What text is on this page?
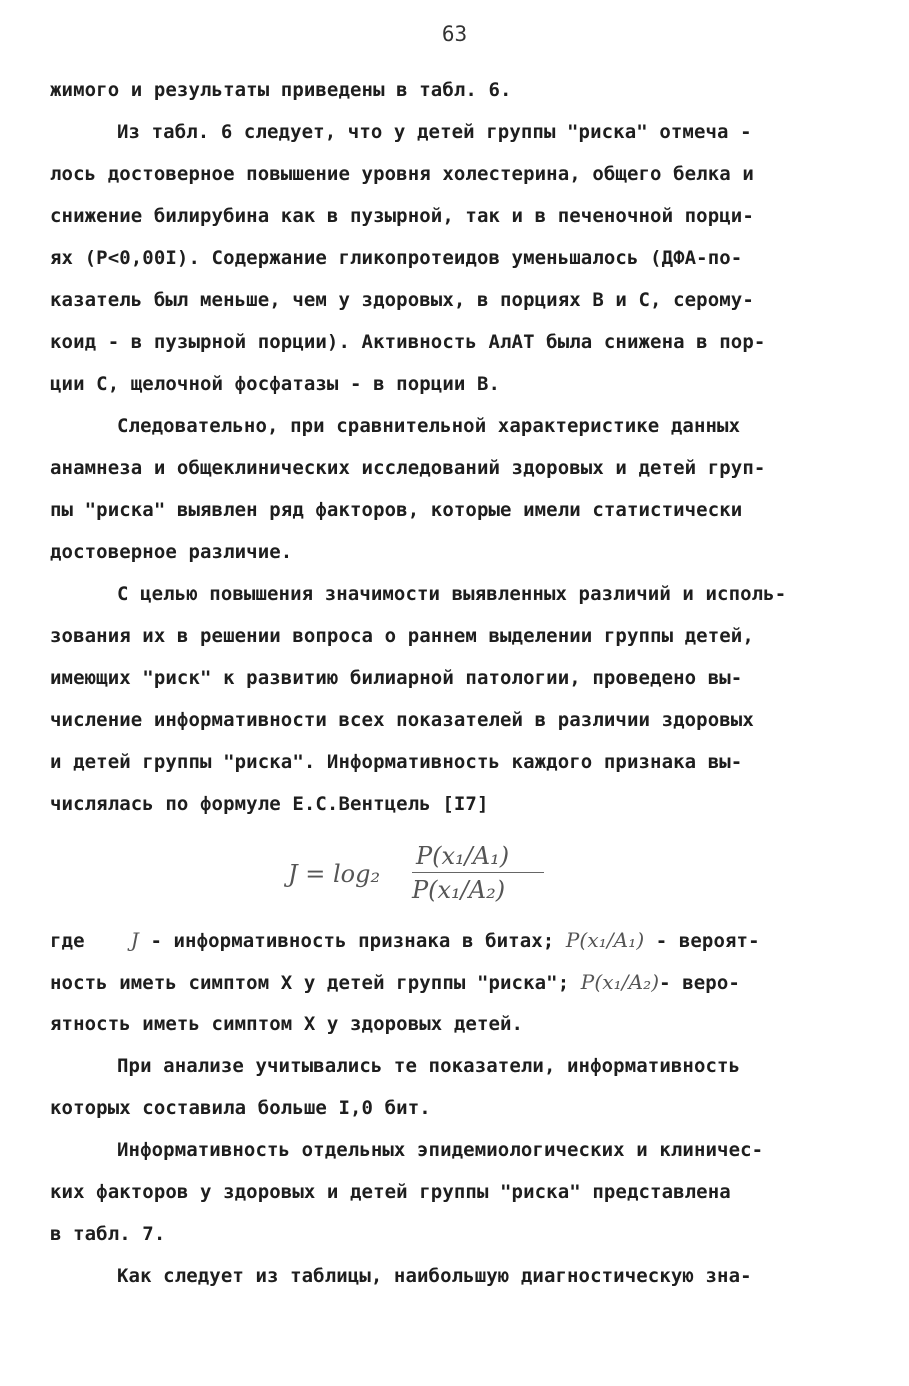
63
жимого и результаты приведены в табл. 6.
Из табл. 6 следует, что у детей группы "риска" отмеча -
лось достоверное повышение уровня холестерина, общего белка и
снижение билирубина как в пузырной, так и в печеночной порци-
ях (P<0,00I). Содержание гликопротеидов уменьшалось (ДФА-по-
казатель был меньше, чем у здоровых, в порциях В и С, серому-
коид - в пузырной порции). Активность АлАТ была снижена в пор-
ции С, щелочной фосфатазы - в порции В.
Следовательно, при сравнительной характеристике данных
анамнеза и общеклинических исследований здоровых и детей груп-
пы "риска" выявлен ряд факторов, которые имели статистически
достоверное различие.
С целью повышения значимости выявленных различий и исполь-
зования их в решении вопроса о раннем выделении группы детей,
имеющих "риск" к развитию билиарной патологии, проведено вы-
числение информативности всех показателей в различии здоровых
и детей группы "риска". Информативность каждого признака вы-
числялась по формуле Е.С.Вентцель [I7]
J = log₂
P(x₁/A₁)
P(x₁/A₂)
где    J - информативность признака в битах; P(x₁/A₁) - вероят-
ность иметь симптом Х у детей группы "риска"; P(x₁/A₂)- веро-
ятность иметь симптом Х у здоровых детей.
При анализе учитывались те показатели, информативность
которых составила больше I,0 бит.
Информативность отдельных эпидемиологических и клиничес-
ких факторов у здоровых и детей группы "риска" представлена
в табл. 7.
Как следует из таблицы, наибольшую диагностическую зна-
